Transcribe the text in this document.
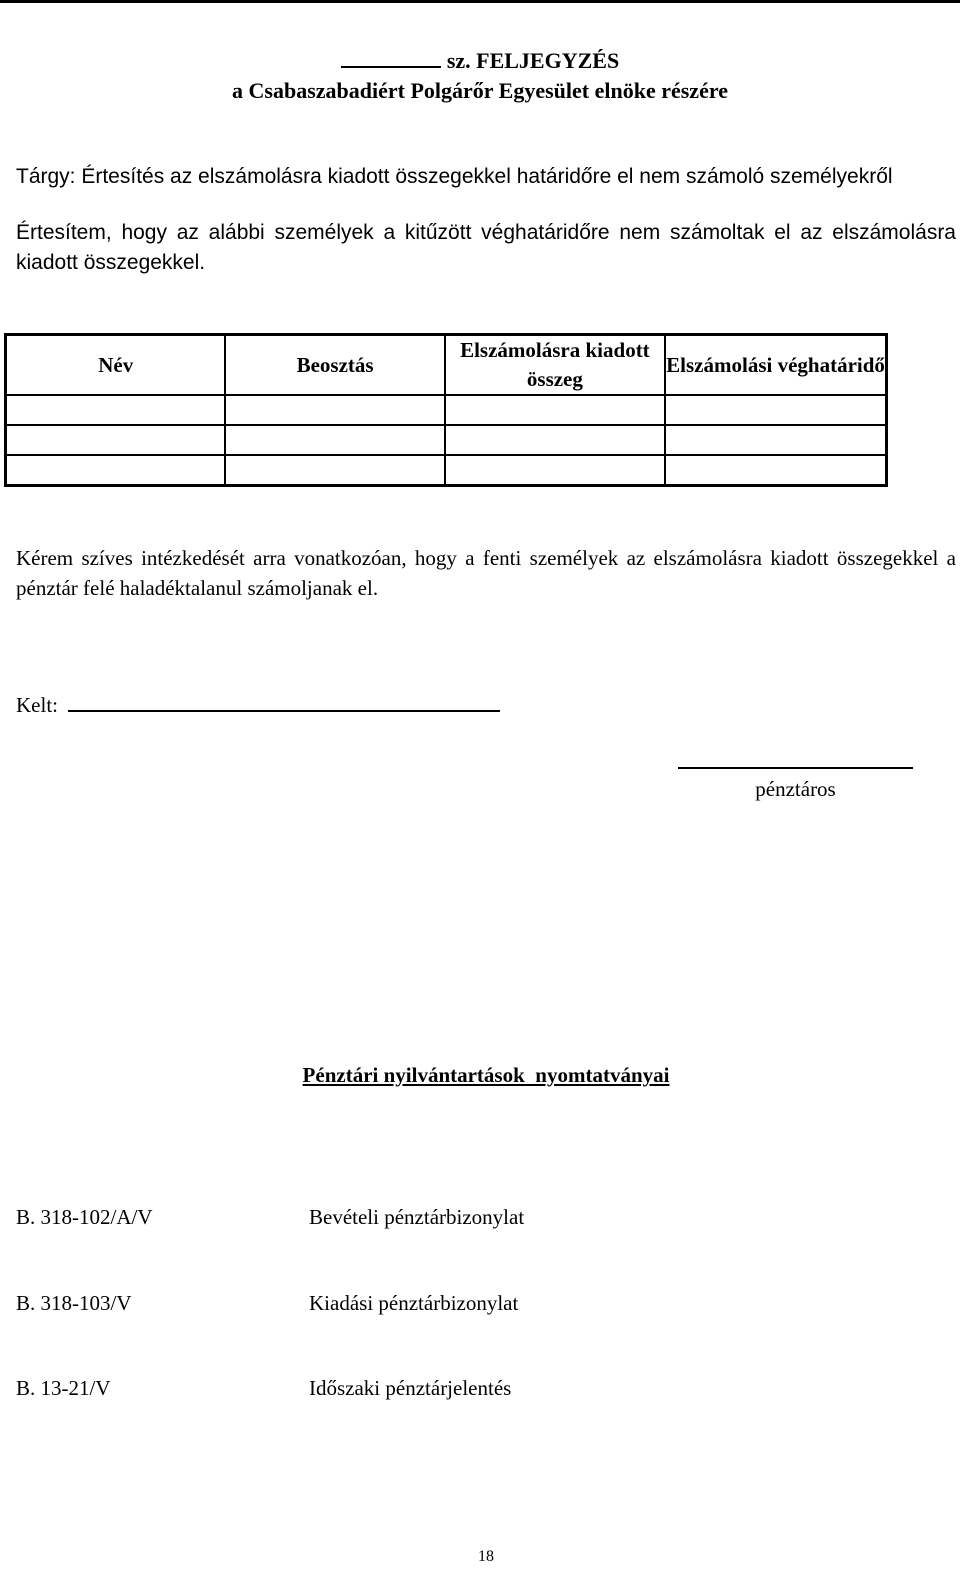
sz. FELJEGYZÉS
a Csabaszabadiért Polgárőr Egyesület elnöke részére
Tárgy: Értesítés az elszámolásra kiadott összegekkel határidőre el nem számoló személyekről
Értesítem, hogy az alábbi személyek a kitűzött véghatáridőre nem számoltak el az elszámolásra kiadott összegekkel.
Név	Beosztás	Elszámolásra kiadott összeg	Elszámolási véghatáridő

Kérem szíves intézkedését arra vonatkozóan, hogy a fenti személyek az elszámolásra kiadott összegekkel a pénztár felé haladéktalanul számoljanak el.
Kelt:
pénztáros
Pénztári nyilvántartások  nyomtatványai
B. 318-102/A/V	Bevételi pénztárbizonylat
B. 318-103/V	Kiadási pénztárbizonylat
B. 13-21/V	Időszaki pénztárjelentés
18
